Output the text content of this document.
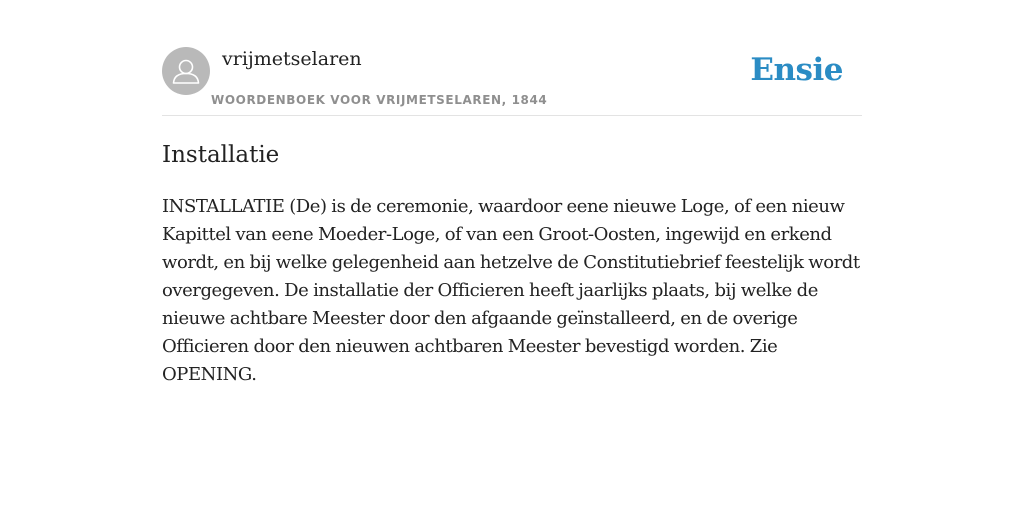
vrijmetselaren
WOORDENBOEK VOOR VRIJMETSELAREN, 1844
Ensie
Installatie

INSTALLATIE (De) is de ceremonie, waardoor eene nieuwe Loge, of een nieuw Kapittel van eene Moeder-Loge, of van een Groot-Oosten, ingewijd en erkend wordt, en bij welke gelegenheid aan hetzelve de Constitutiebrief feestelijk wordt overgegeven. De installatie der Officieren heeft jaarlijks plaats, bij welke de nieuwe achtbare Meester door den afgaande geïnstalleerd, en de overige Officieren door den nieuwen achtbaren Meester bevestigd worden. Zie OPENING.
